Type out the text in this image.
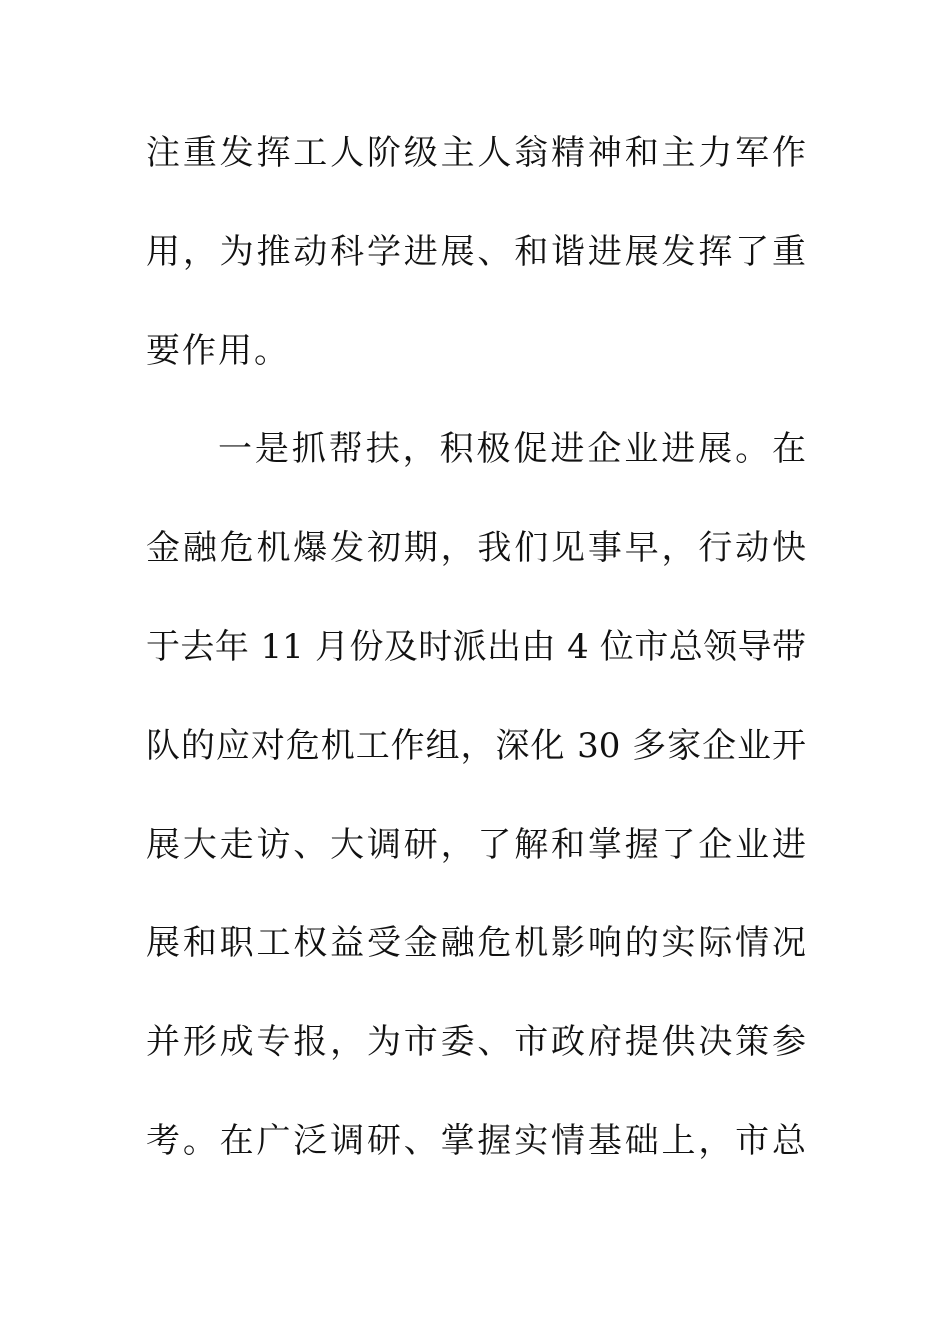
注重发挥工人阶级主人翁精神和主力军作
用，为推动科学进展、和谐进展发挥了重
要作用。
一是抓帮扶，积极促进企业进展。在
金融危机爆发初期，我们见事早，行动快
于去年 11 月份及时派出由 4 位市总领导带
队的应对危机工作组，深化 30 多家企业开
展大走访、大调研，了解和掌握了企业进
展和职工权益受金融危机影响的实际情况
并形成专报，为市委、市政府提供决策参
考。在广泛调研、掌握实情基础上，市总
